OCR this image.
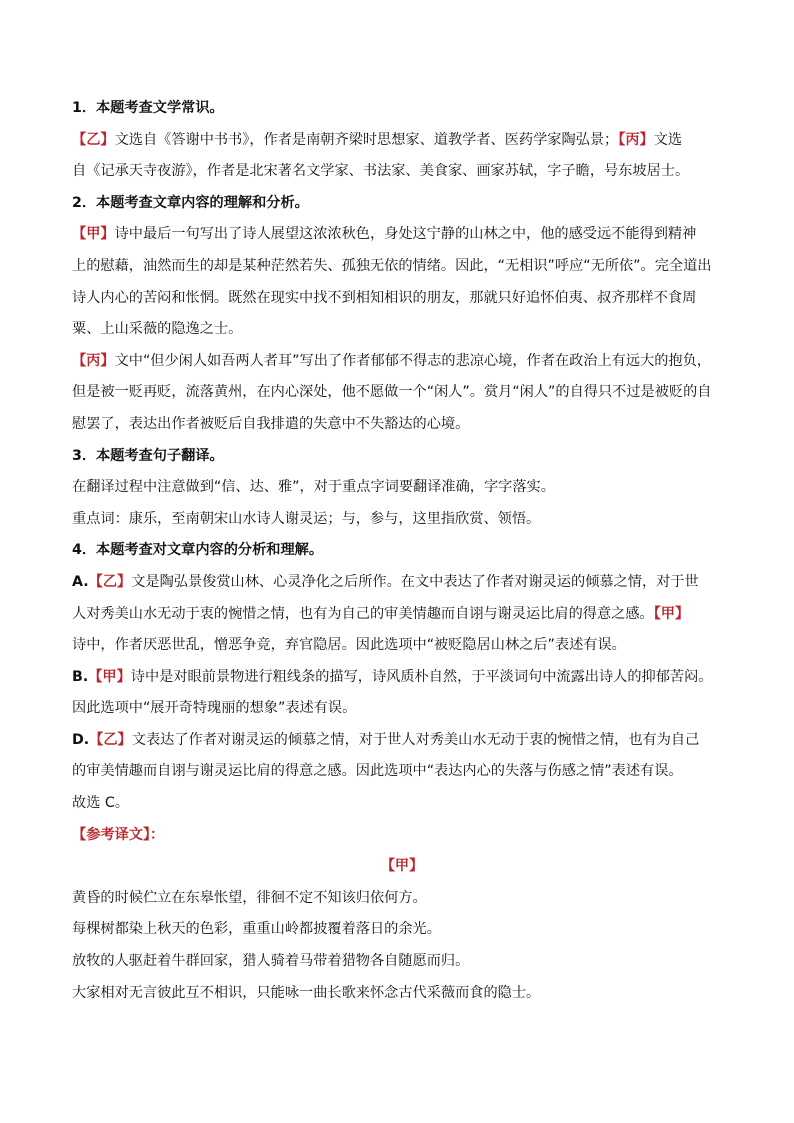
1．本题考查文学常识。

【乙】文选自《答谢中书书》，作者是南朝齐梁时思想家、道教学者、医药学家陶弘景；【丙】文选

自《记承天寺夜游》，作者是北宋著名文学家、书法家、美食家、画家苏轼，字子瞻，号东坡居士。

2．本题考查文章内容的理解和分析。

【甲】诗中最后一句写出了诗人展望这浓浓秋色，身处这宁静的山林之中，他的感受远不能得到精神

上的慰藉，油然而生的却是某种茫然若失、孤独无依的情绪。因此，“无相识”呼应“无所依”。完全道出

诗人内心的苦闷和怅惘。既然在现实中找不到相知相识的朋友，那就只好追怀伯夷、叔齐那样不食周

粟、上山采薇的隐逸之士。

【丙】文中“但少闲人如吾两人者耳”写出了作者郁郁不得志的悲凉心境，作者在政治上有远大的抱负，

但是被一贬再贬，流落黄州，在内心深处，他不愿做一个“闲人”。赏月“闲人”的自得只不过是被贬的自

慰罢了，表达出作者被贬后自我排遣的失意中不失豁达的心境。

3．本题考查句子翻译。

在翻译过程中注意做到“信、达、雅”，对于重点字词要翻译准确，字字落实。

重点词：康乐，至南朝宋山水诗人谢灵运；与，参与，这里指欣赏、领悟。

4．本题考查对文章内容的分析和理解。

A.【乙】文是陶弘景俊赏山林、心灵净化之后所作。在文中表达了作者对谢灵运的倾慕之情，对于世

人对秀美山水无动于衷的惋惜之情，也有为自己的审美情趣而自诩与谢灵运比肩的得意之感。【甲】

诗中，作者厌恶世乱，憎恶争竞，弃官隐居。因此选项中“被贬隐居山林之后”表述有误。

B.【甲】诗中是对眼前景物进行粗线条的描写，诗风质朴自然，于平淡词句中流露出诗人的抑郁苦闷。

因此选项中“展开奇特瑰丽的想象”表述有误。

D.【乙】文表达了作者对谢灵运的倾慕之情，对于世人对秀美山水无动于衷的惋惜之情，也有为自己

的审美情趣而自诩与谢灵运比肩的得意之感。因此选项中“表达内心的失落与伤感之情”表述有误。

故选 C。

【参考译文】：

【甲】

黄昏的时候伫立在东皋怅望，徘徊不定不知该归依何方。

每棵树都染上秋天的色彩，重重山岭都披覆着落日的余光。

放牧的人驱赶着牛群回家，猎人骑着马带着猎物各自随愿而归。

大家相对无言彼此互不相识，只能咏一曲长歌来怀念古代采薇而食的隐士。
